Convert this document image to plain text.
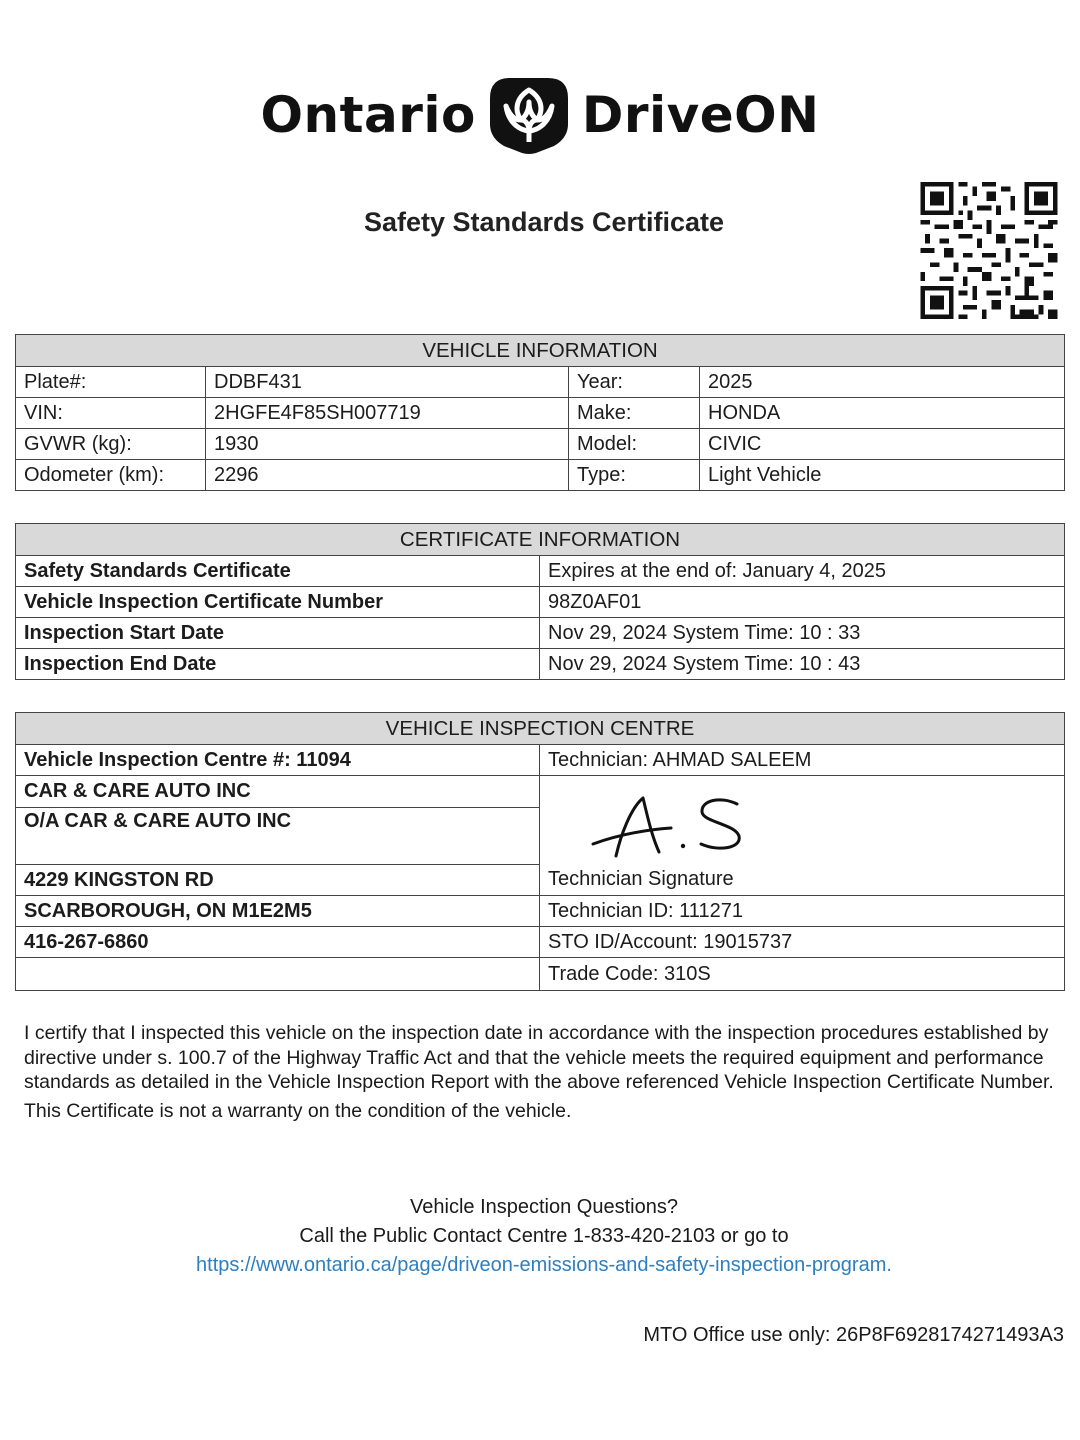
Ontario DriveON
Safety Standards Certificate
VEHICLE INFORMATION			
Plate#:	DDBF431	Year:	2025
VIN:	2HGFE4F85SH007719	Make:	HONDA
GVWR (kg):	1930	Model:	CIVIC
Odometer (km):	2296	Type:	Light Vehicle
CERTIFICATE INFORMATION	
Safety Standards Certificate	Expires at the end of: January 4, 2025
Vehicle Inspection Certificate Number	98Z0AF01
Inspection Start Date	Nov 29, 2024 System Time: 10 : 33
Inspection End Date	Nov 29, 2024 System Time: 10 : 43
VEHICLE INSPECTION CENTRE	
Vehicle Inspection Centre #: 11094	Technician: AHMAD SALEEM
CAR & CARE AUTO INC	Technician Signature
O/A CAR & CARE AUTO INC	
4229 KINGSTON RD	
SCARBOROUGH, ON M1E2M5	Technician ID: 111271
416-267-6860	STO ID/Account: 19015737
	Trade Code: 310S

I certify that I inspected this vehicle on the inspection date in accordance with the inspection procedures established by directive under s. 100.7 of the Highway Traffic Act and that the vehicle meets the required equipment and performance standards as detailed in the Vehicle Inspection Report with the above referenced Vehicle Inspection Certificate Number.

This Certificate is not a warranty on the condition of the vehicle.

Vehicle Inspection Questions?
Call the Public Contact Centre 1-833-420-2103 or go to
https://www.ontario.ca/page/driveon-emissions-and-safety-inspection-program.
MTO Office use only: 26P8F6928174271493A3
